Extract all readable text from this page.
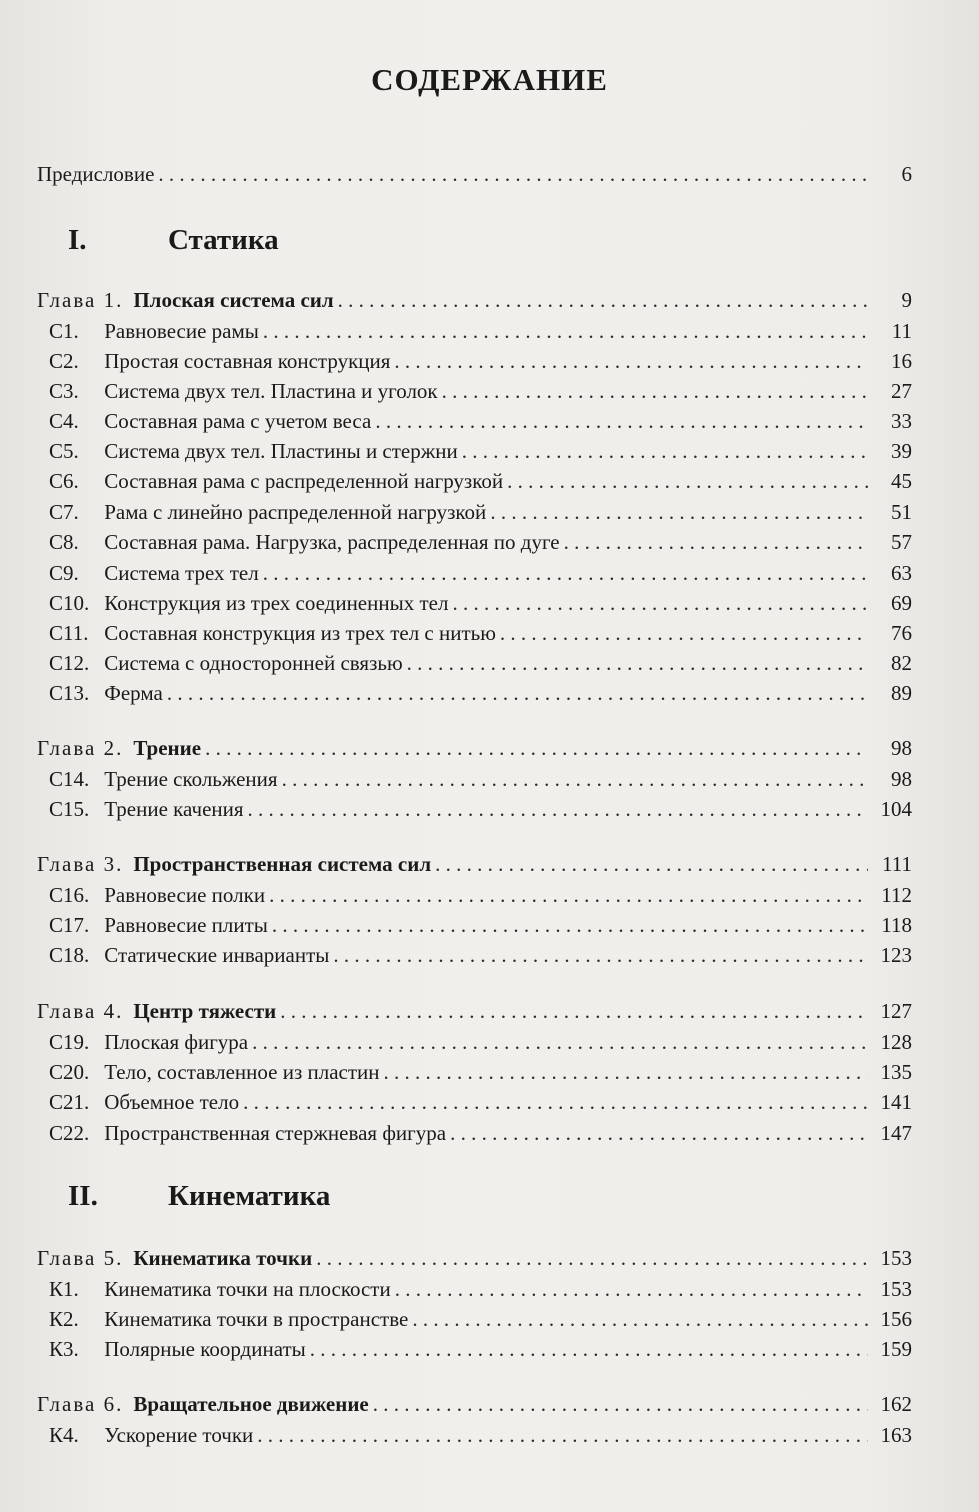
СОДЕРЖАНИЕ
Предисловие . . .	6
I.	Статика
Глава 1. Плоская система сил . . .	9
С1. Равновесие рамы . . .	11
С2. Простая составная конструкция . . .	16
С3. Система двух тел. Пластина и уголок . . .	27
С4. Составная рама с учетом веса . . .	33
С5. Система двух тел. Пластины и стержни . . .	39
С6. Составная рама с распределенной нагрузкой . . .	45
С7. Рама с линейно распределенной нагрузкой . . .	51
С8. Составная рама. Нагрузка, распределенная по дуге . . .	57
С9. Система трех тел . . .	63
С10. Конструкция из трех соединенных тел . . .	69
С11. Составная конструкция из трех тел с нитью . . .	76
С12. Система с односторонней связью . . .	82
С13. Ферма . . .	89
Глава 2. Трение . . .	98
С14. Трение скольжения . . .	98
С15. Трение качения . . .	104
Глава 3. Пространственная система сил . . .	111
С16. Равновесие полки . . .	112
С17. Равновесие плиты . . .	118
С18. Статические инварианты . . .	123
Глава 4. Центр тяжести . . .	127
С19. Плоская фигура . . .	128
С20. Тело, составленное из пластин . . .	135
С21. Объемное тело . . .	141
С22. Пространственная стержневая фигура . . .	147
II. Кинематика
Глава 5. Кинематика точки . . .	153
К1. Кинематика точки на плоскости . . .	153
К2. Кинематика точки в пространстве . . .	156
К3. Полярные координаты . . .	159
Глава 6. Вращательное движение . . .	162
К4. Ускорение точки . . .	163
